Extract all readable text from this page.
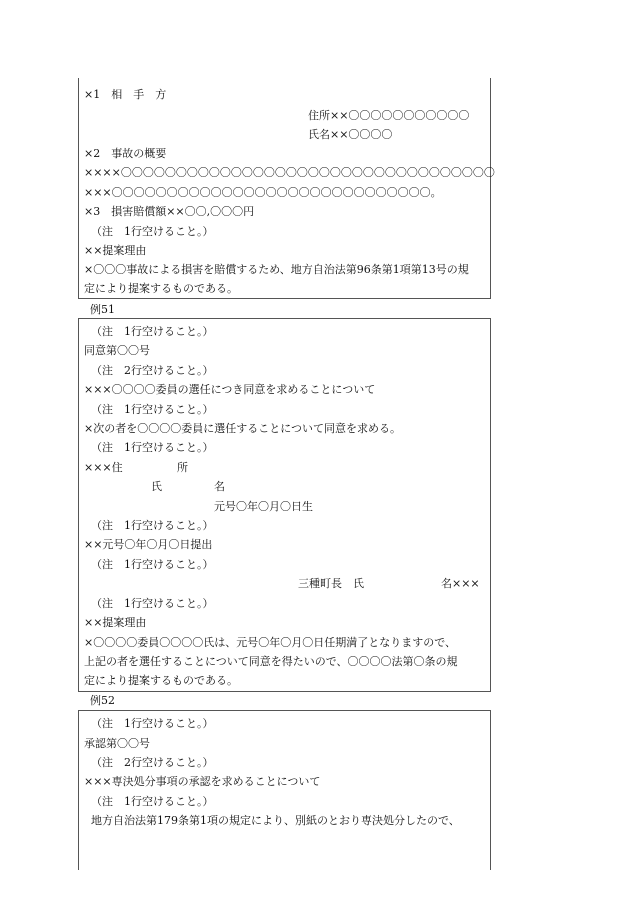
×1　相　手　方
住所××〇〇〇〇〇〇〇〇〇〇〇
氏名××〇〇〇〇
×2　事故の概要
××××〇〇〇〇〇〇〇〇〇〇〇〇〇〇〇〇〇〇〇〇〇〇〇〇〇〇〇〇〇〇〇〇〇〇
×××〇〇〇〇〇〇〇〇〇〇〇〇〇〇〇〇〇〇〇〇〇〇〇〇〇〇〇〇〇。
×3　損害賠償額××〇〇,〇〇〇円
（注　1行空けること。）
××提案理由
×〇〇〇事故による損害を賠償するため、地方自治法第96条第1項第13号の規
定により提案するものである。
例51
（注　1行空けること。）
同意第〇〇号
（注　2行空けること。）
×××〇〇〇〇委員の選任につき同意を求めることについて
（注　1行空けること。）
×次の者を〇〇〇〇委員に選任することについて同意を求める。
（注　1行空けること。）
×××住	所
氏	名
元号〇年〇月〇日生
（注　1行空けること。）
××元号〇年〇月〇日提出
（注　1行空けること。）
三種町長　氏	名×××
（注　1行空けること。）
××提案理由
×〇〇〇〇委員〇〇〇〇氏は、元号〇年〇月〇日任期満了となりますので、
上記の者を選任することについて同意を得たいので、〇〇〇〇法第〇条の規
定により提案するものである。
例52
（注　1行空けること。）
承認第〇〇号
（注　2行空けること。）
×××専決処分事項の承認を求めることについて
（注　1行空けること。）
地方自治法第179条第1項の規定により、別紙のとおり専決処分したので、
